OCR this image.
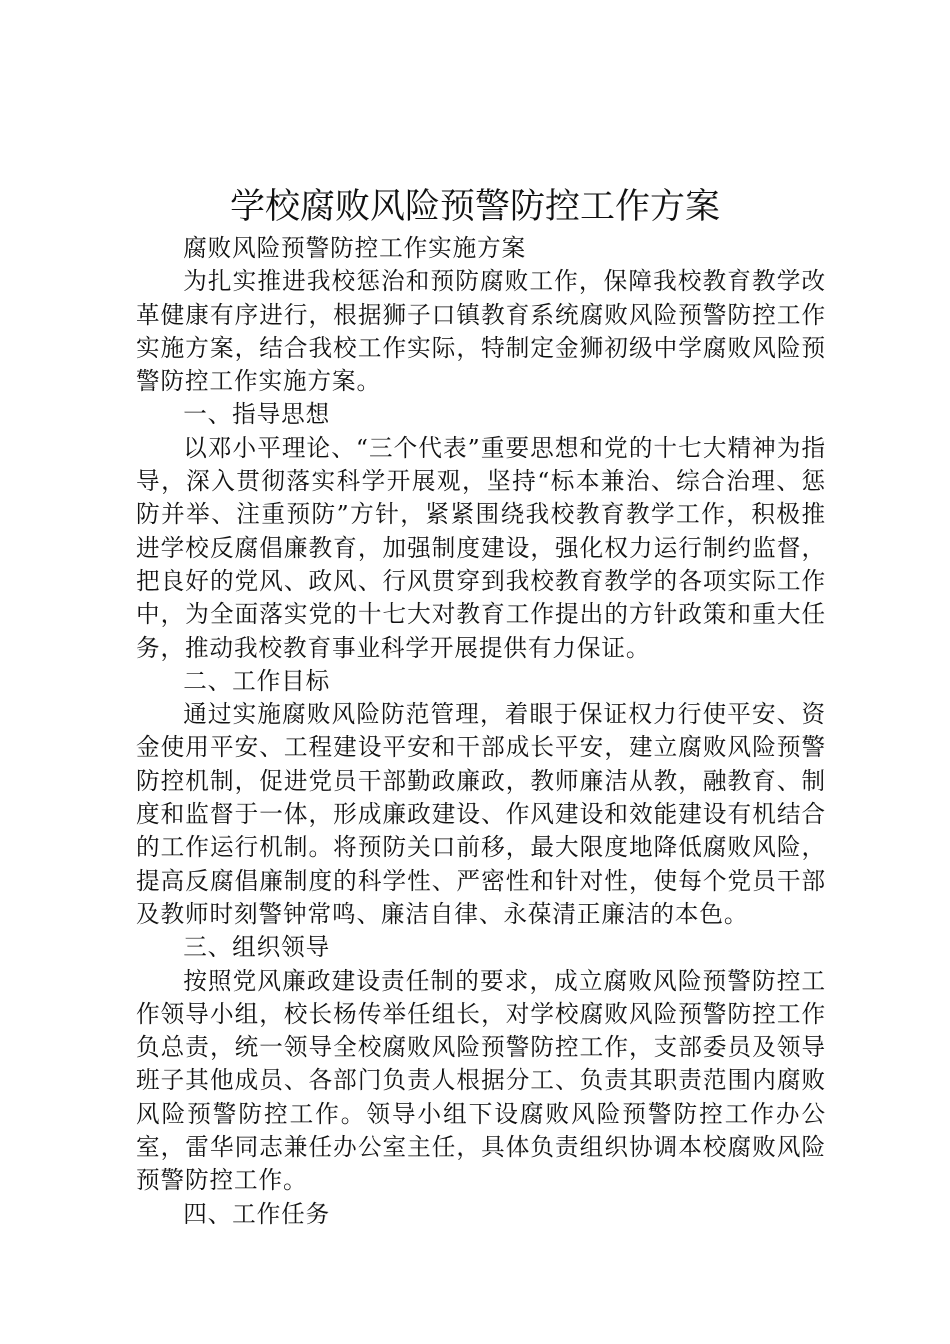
学校腐败风险预警防控工作方案

腐败风险预警防控工作实施方案

为扎实推进我校惩治和预防腐败工作，保障我校教育教学改革健康有序进行，根据狮子口镇教育系统腐败风险预警防控工作实施方案，结合我校工作实际，特制定金狮初级中学腐败风险预警防控工作实施方案。

一、指导思想

以邓小平理论、“三个代表”重要思想和党的十七大精神为指导，深入贯彻落实科学开展观，坚持“标本兼治、综合治理、惩防并举、注重预防”方针，紧紧围绕我校教育教学工作，积极推进学校反腐倡廉教育，加强制度建设，强化权力运行制约监督，把良好的党风、政风、行风贯穿到我校教育教学的各项实际工作中，为全面落实党的十七大对教育工作提出的方针政策和重大任务，推动我校教育事业科学开展提供有力保证。

二、工作目标

通过实施腐败风险防范管理，着眼于保证权力行使平安、资金使用平安、工程建设平安和干部成长平安，建立腐败风险预警防控机制，促进党员干部勤政廉政，教师廉洁从教，融教育、制度和监督于一体，形成廉政建设、作风建设和效能建设有机结合的工作运行机制。将预防关口前移，最大限度地降低腐败风险，提高反腐倡廉制度的科学性、严密性和针对性，使每个党员干部及教师时刻警钟常鸣、廉洁自律、永葆清正廉洁的本色。

三、组织领导

按照党风廉政建设责任制的要求，成立腐败风险预警防控工作领导小组，校长杨传举任组长，对学校腐败风险预警防控工作负总责，统一领导全校腐败风险预警防控工作，支部委员及领导班子其他成员、各部门负责人根据分工、负责其职责范围内腐败风险预警防控工作。领导小组下设腐败风险预警防控工作办公室，雷华同志兼任办公室主任，具体负责组织协调本校腐败风险预警防控工作。

四、工作任务
